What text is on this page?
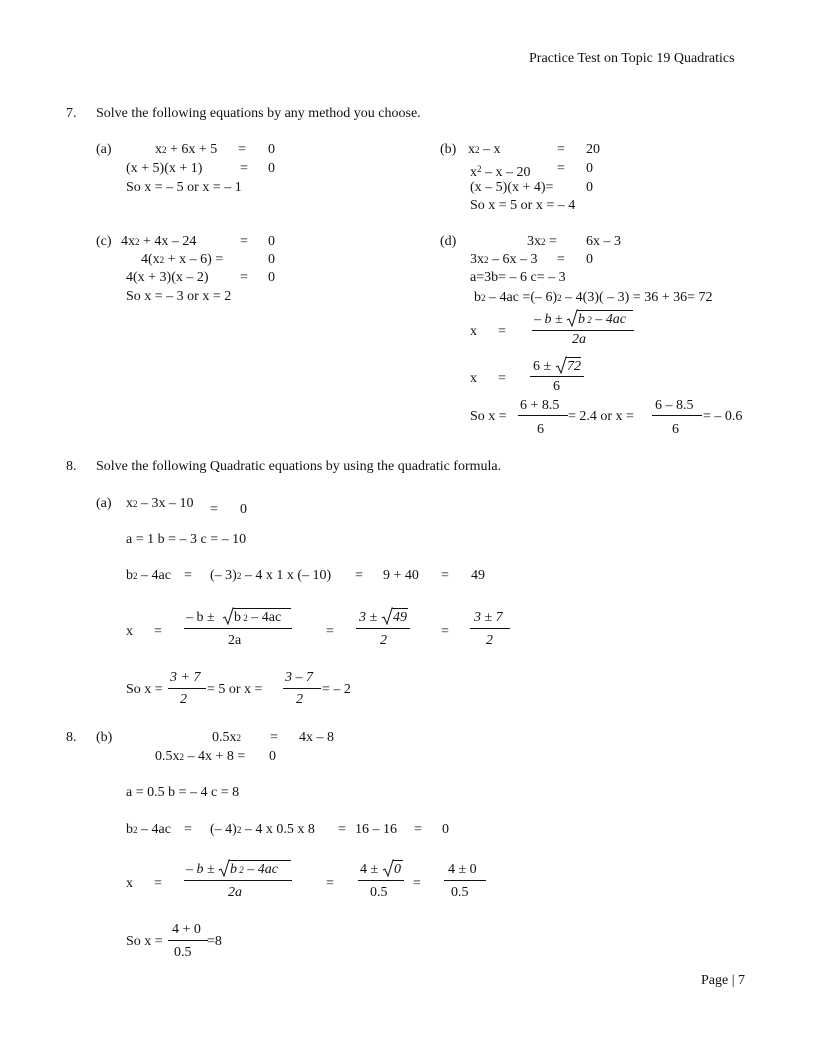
Practice Test on Topic 19 Quadratics
7. Solve the following equations by any method you choose.
(a)	x2 + 6x + 5 = 0
(x + 5)(x + 1)	= 0
So x = – 5 or x = – 1
(b) x2 – x	= 20
$x^2 - x - 20 = 0$
(x – 5)(x + 4)= 0
So x = 5 or x = – 4
(c) 4x2 + 4x – 24	= 0
4(x2 + x – 6) =	0
4(x + 3)(x – 2) = 0
So x = – 3 or x = 2
(d)	3x2 = 6x – 3
3x2 – 6x – 3 = 0
a=3b= – 6 c= – 3
b2 – 4ac =(– 6)2 – 4(3)( – 3) = 36 + 36= 72
x =
– b ± b 2 – 4ac
2a
x =
6 ± 72
6
So x =
6 + 8.5
6
= 2.4 or x =
6 – 8.5
6
= – 0.6
8. Solve the following Quadratic equations by using the quadratic formula.
(a) x2 – 3x – 10 = 0
a = 1 b = – 3 c = – 10
b2 – 4ac = (– 3)2 – 4 x 1 x (– 10) = 9 + 40 = 49
x =
– b ± b 2 – 4ac
2a
=
3 ± 49
2
=
3 ± 7
2
So x =
3 + 7
2
= 5 or x =
3 – 7
2
= – 2
8. (b)	0.5x2 = 4x – 8
0.5x2 – 4x + 8 = 0
a = 0.5 b = – 4 c = 8
b2 – 4ac = (– 4)2 – 4 x 0.5 x 8 = 16 – 16 = 0
x =
– b ± b 2 – 4ac
2a
=
4 ± 0
0.5
=
4 ± 0
0.5
So x =
4 + 0
0.5
=8
Page | 7
